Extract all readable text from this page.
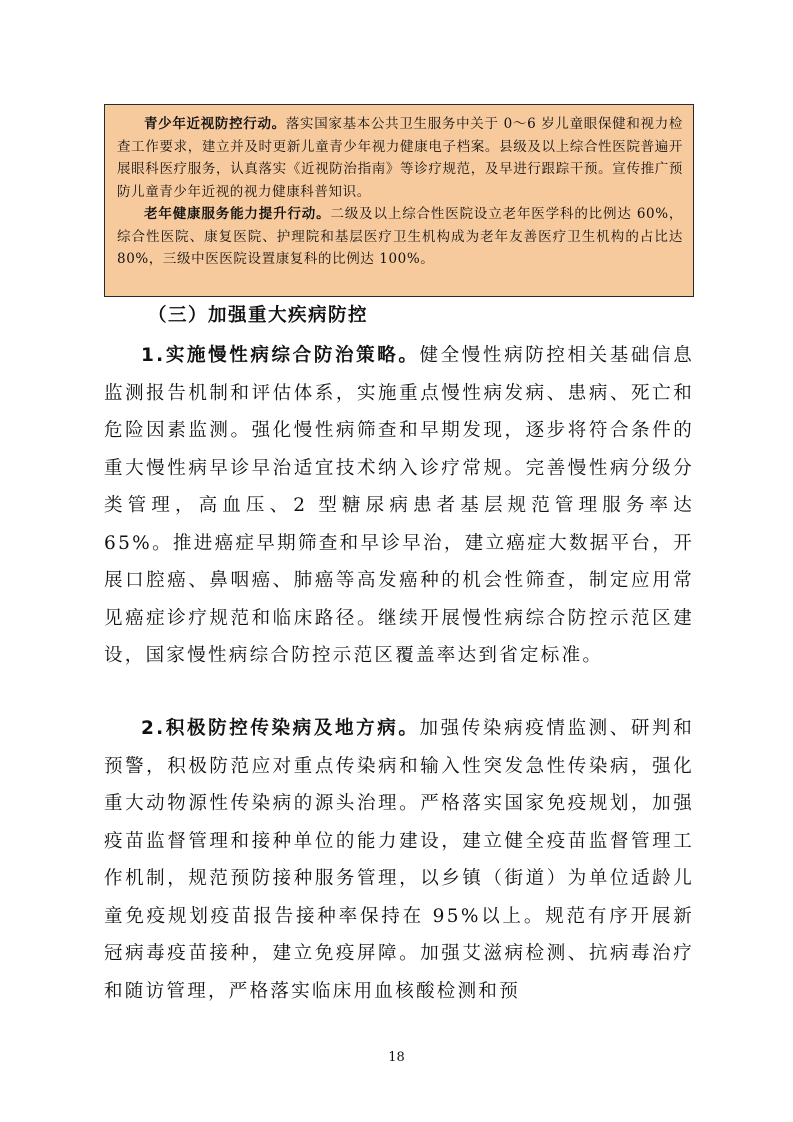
青少年近视防控行动。落实国家基本公共卫生服务中关于 0～6 岁儿童眼保健和视力检查工作要求，建立并及时更新儿童青少年视力健康电子档案。县级及以上综合性医院普遍开展眼科医疗服务，认真落实《近视防治指南》等诊疗规范，及早进行跟踪干预。宣传推广预防儿童青少年近视的视力健康科普知识。

老年健康服务能力提升行动。二级及以上综合性医院设立老年医学科的比例达 60%，综合性医院、康复医院、护理院和基层医疗卫生机构成为老年友善医疗卫生机构的占比达 80%，三级中医医院设置康复科的比例达 100%。

（三）加强重大疾病防控

1.实施慢性病综合防治策略。健全慢性病防控相关基础信息监测报告机制和评估体系，实施重点慢性病发病、患病、死亡和危险因素监测。强化慢性病筛查和早期发现，逐步将符合条件的重大慢性病早诊早治适宜技术纳入诊疗常规。完善慢性病分级分类管理，高血压、2 型糖尿病患者基层规范管理服务率达 65%。推进癌症早期筛查和早诊早治，建立癌症大数据平台，开展口腔癌、鼻咽癌、肺癌等高发癌种的机会性筛查，制定应用常见癌症诊疗规范和临床路径。继续开展慢性病综合防控示范区建设，国家慢性病综合防控示范区覆盖率达到省定标准。

2.积极防控传染病及地方病。加强传染病疫情监测、研判和预警，积极防范应对重点传染病和输入性突发急性传染病，强化重大动物源性传染病的源头治理。严格落实国家免疫规划，加强疫苗监督管理和接种单位的能力建设，建立健全疫苗监督管理工作机制，规范预防接种服务管理，以乡镇（街道）为单位适龄儿童免疫规划疫苗报告接种率保持在 95%以上。规范有序开展新冠病毒疫苗接种，建立免疫屏障。加强艾滋病检测、抗病毒治疗和随访管理，严格落实临床用血核酸检测和预

18
